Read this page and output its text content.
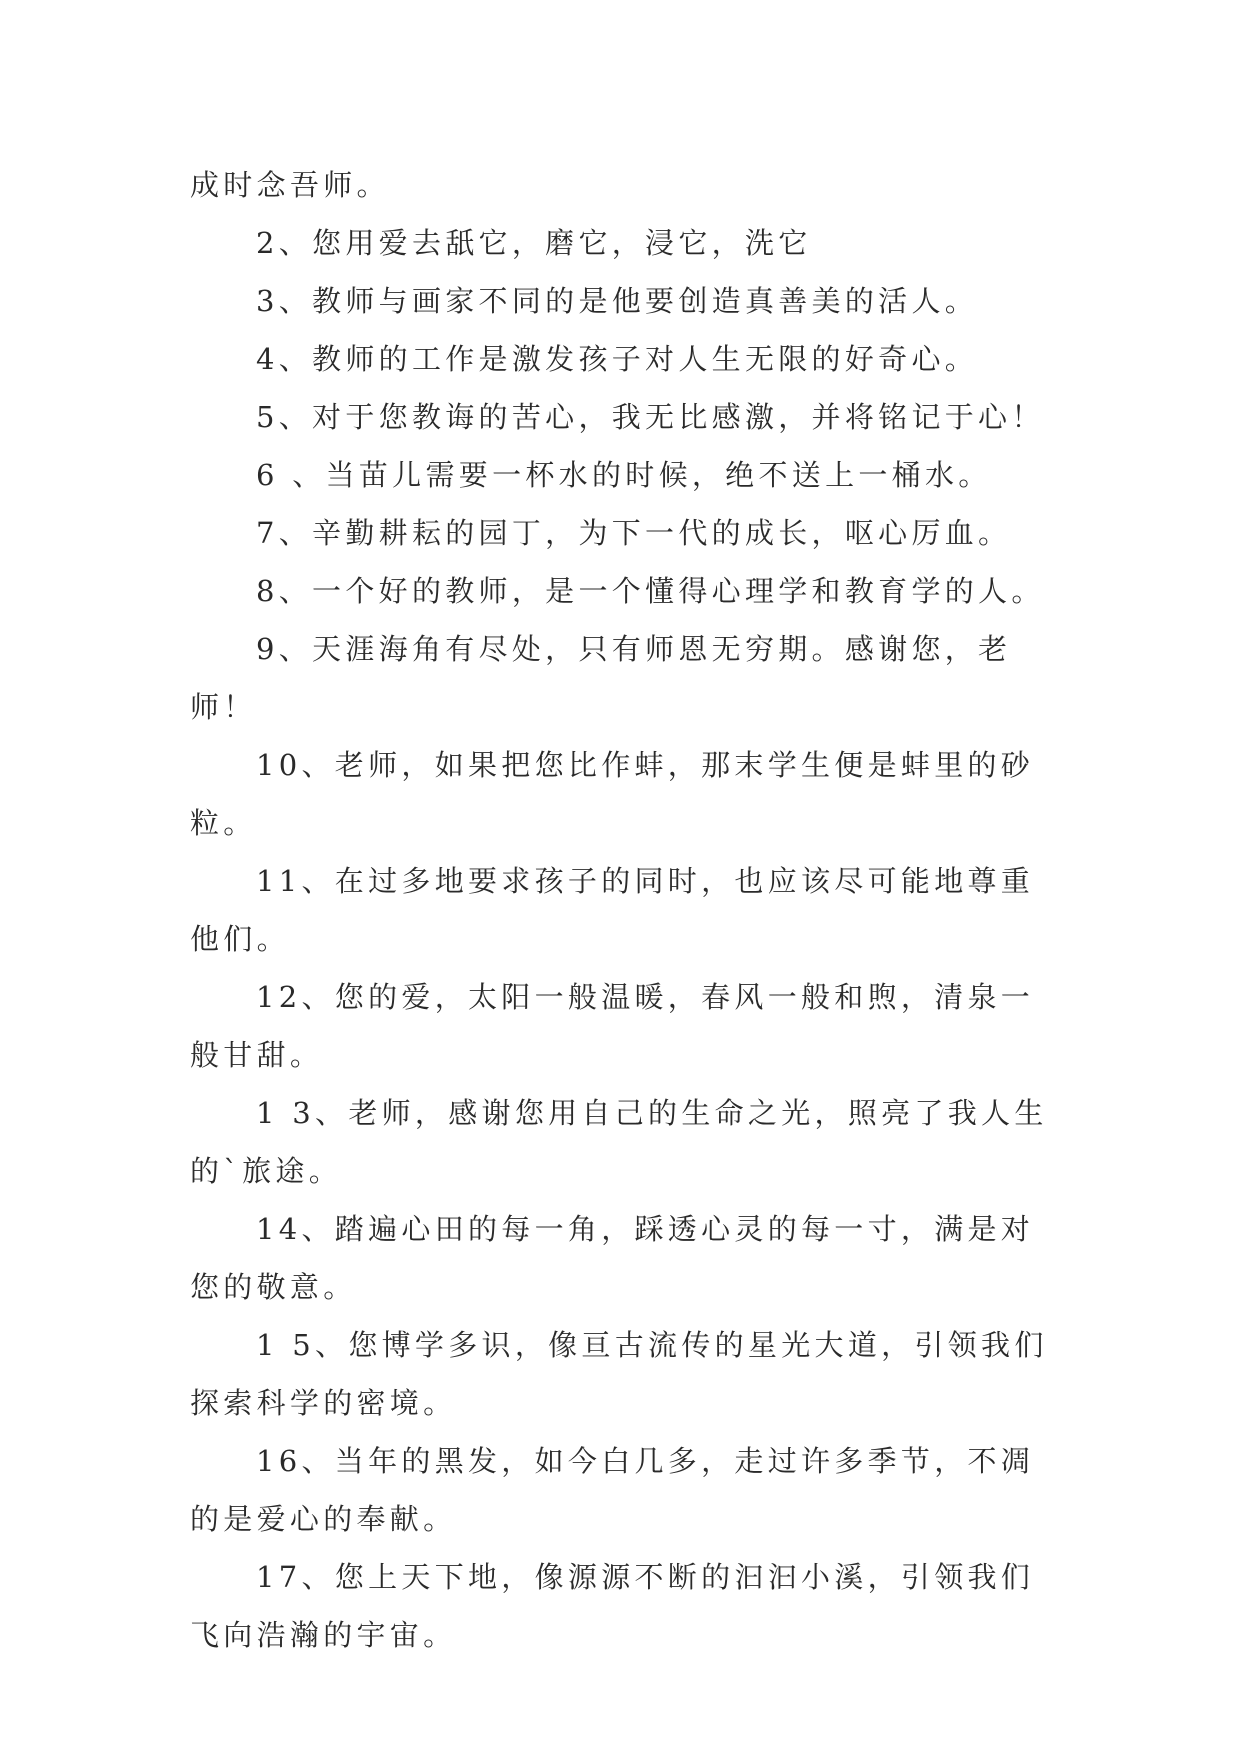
成时念吾师。

2、您用爱去舐它，磨它，浸它，洗它

3、教师与画家不同的是他要创造真善美的活人。

4、教师的工作是激发孩子对人生无限的好奇心。

5、对于您教诲的苦心，我无比感激，并将铭记于心！

6 、当苗儿需要一杯水的时候，绝不送上一桶水。

7、辛勤耕耘的园丁，为下一代的成长，呕心厉血。

8、一个好的教师，是一个懂得心理学和教育学的人。

9、天涯海角有尽处，只有师恩无穷期。感谢您，老师！

10、老师，如果把您比作蚌，那末学生便是蚌里的砂粒。

11、在过多地要求孩子的同时，也应该尽可能地尊重他们。

12、您的爱，太阳一般温暖，春风一般和煦，清泉一般甘甜。

1 3、老师，感谢您用自己的生命之光，照亮了我人生的`旅途。

14、踏遍心田的每一角，踩透心灵的每一寸，满是对您的敬意。

1 5、您博学多识，像亘古流传的星光大道，引领我们探索科学的密境。

16、当年的黑发，如今白几多，走过许多季节，不凋的是爱心的奉献。

17、您上天下地，像源源不断的汩汩小溪，引领我们飞向浩瀚的宇宙。
